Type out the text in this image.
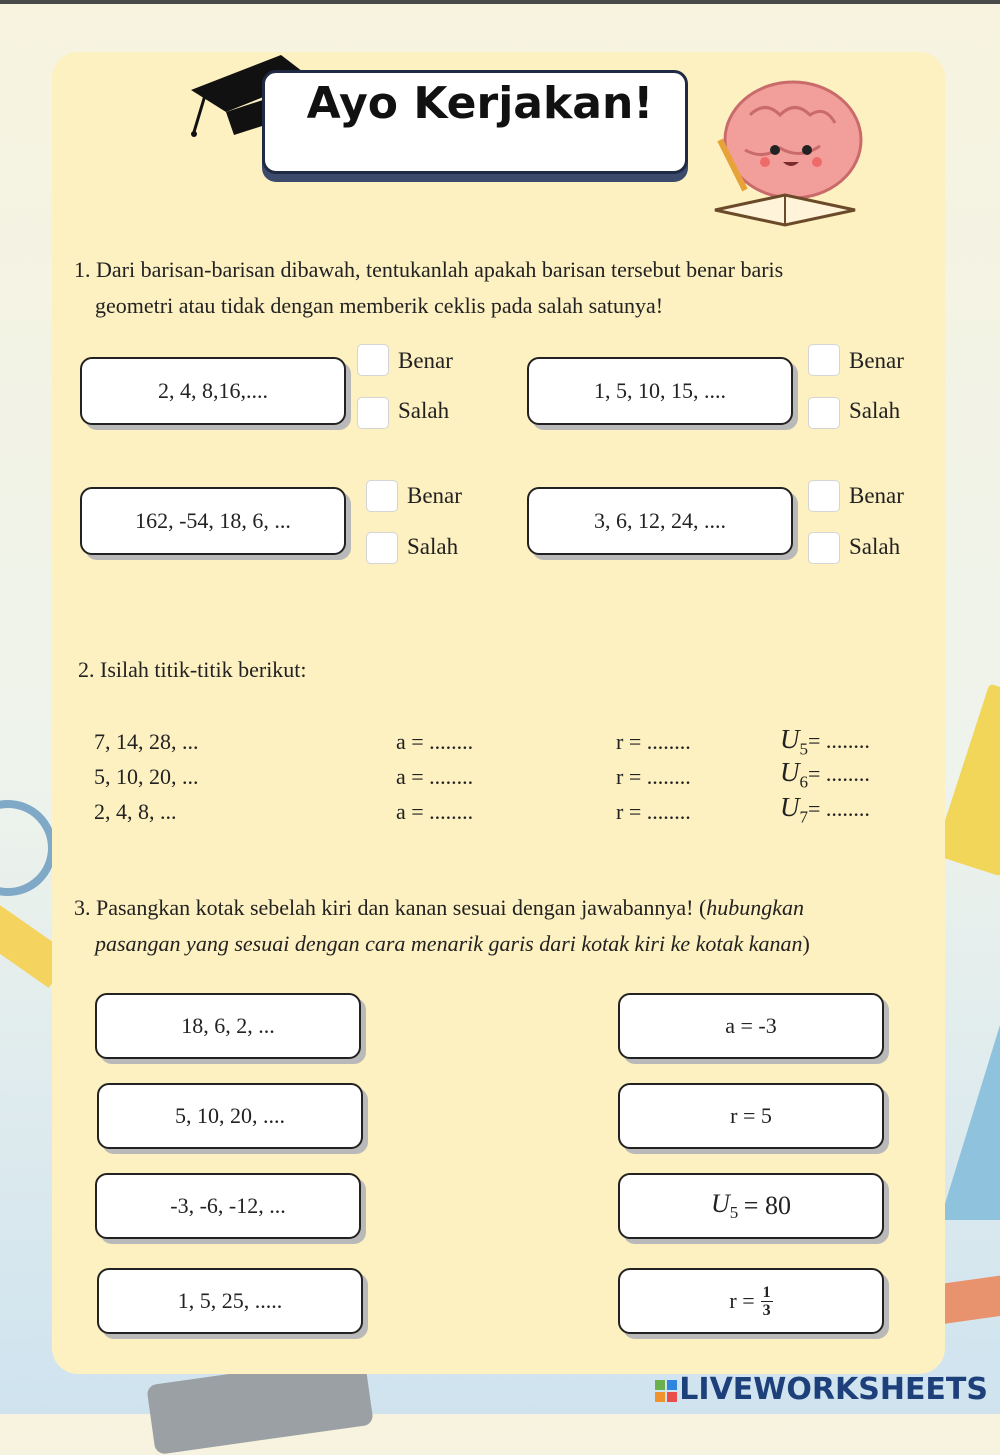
Ayo Kerjakan!
1. Dari barisan-barisan dibawah, tentukanlah apakah barisan tersebut benar baris
geometri atau tidak dengan memberik ceklis pada salah satunya!
2, 4, 8,16,....
Benar
Salah
1, 5, 10, 15, ....
Benar
Salah
162, -54, 18, 6, ...
Benar
Salah
3, 6, 12, 24, ....
Benar
Salah
2. Isilah titik-titik berikut:
7, 14, 28, ...	a = ........	r = ........	$U_5=$ ........
5, 10, 20, ...	a = ........	r = ........	$U_6=$ ........
2, 4, 8, ...	a = ........	r = ........	$U_7=$ ........
3. Pasangkan kotak sebelah kiri dan kanan sesuai dengan jawabannya! (hubungkan
pasangan yang sesuai dengan cara menarik garis dari kotak kiri ke kotak kanan)
18, 6, 2, ...
5, 10, 20, ....
-3, -6, -12, ...
1, 5, 25, .....
a = -3
r = 5
$U_5$
= 80
$r = \frac{1}{3}$
LIVEWORKSHEETS
